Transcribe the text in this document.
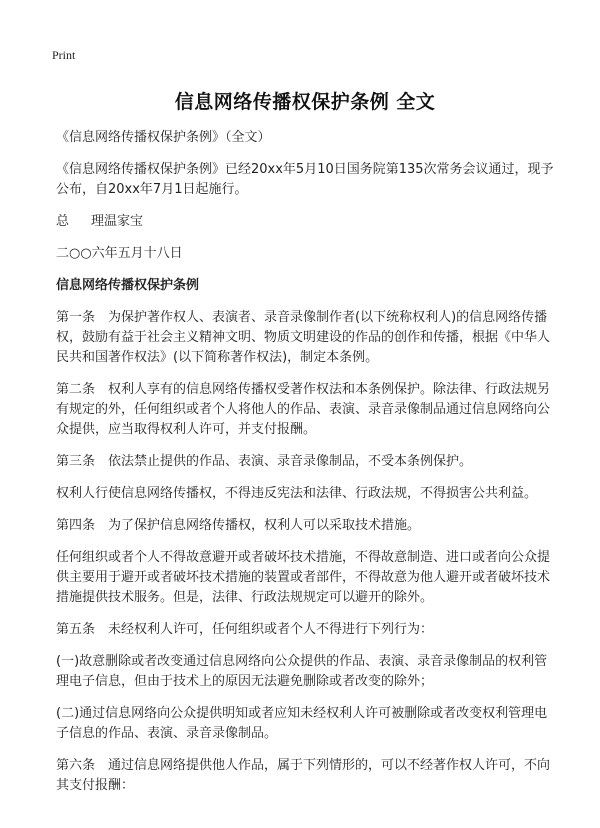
Print
信息网络传播权保护条例 全文

《信息网络传播权保护条例》（全文）

《信息网络传播权保护条例》已经20xx年5月10日国务院第135次常务会议通过，现予公布，自20xx年7月1日起施行。

总 理温家宝

二○○六年五月十八日

信息网络传播权保护条例

第一条　为保护著作权人、表演者、录音录像制作者(以下统称权利人)的信息网络传播权，鼓励有益于社会主义精神文明、物质文明建设的作品的创作和传播，根据《中华人民共和国著作权法》(以下简称著作权法)，制定本条例。

第二条　权利人享有的信息网络传播权受著作权法和本条例保护。除法律、行政法规另有规定的外，任何组织或者个人将他人的作品、表演、录音录像制品通过信息网络向公众提供，应当取得权利人许可，并支付报酬。

第三条　依法禁止提供的作品、表演、录音录像制品，不受本条例保护。

权利人行使信息网络传播权，不得违反宪法和法律、行政法规，不得损害公共利益。

第四条　为了保护信息网络传播权，权利人可以采取技术措施。

任何组织或者个人不得故意避开或者破坏技术措施，不得故意制造、进口或者向公众提供主要用于避开或者破坏技术措施的装置或者部件，不得故意为他人避开或者破坏技术措施提供技术服务。但是，法律、行政法规规定可以避开的除外。

第五条　未经权利人许可，任何组织或者个人不得进行下列行为：

(一)故意删除或者改变通过信息网络向公众提供的作品、表演、录音录像制品的权利管理电子信息，但由于技术上的原因无法避免删除或者改变的除外；

(二)通过信息网络向公众提供明知或者应知未经权利人许可被删除或者改变权利管理电子信息的作品、表演、录音录像制品。

第六条　通过信息网络提供他人作品，属于下列情形的，可以不经著作权人许可，不向其支付报酬：
